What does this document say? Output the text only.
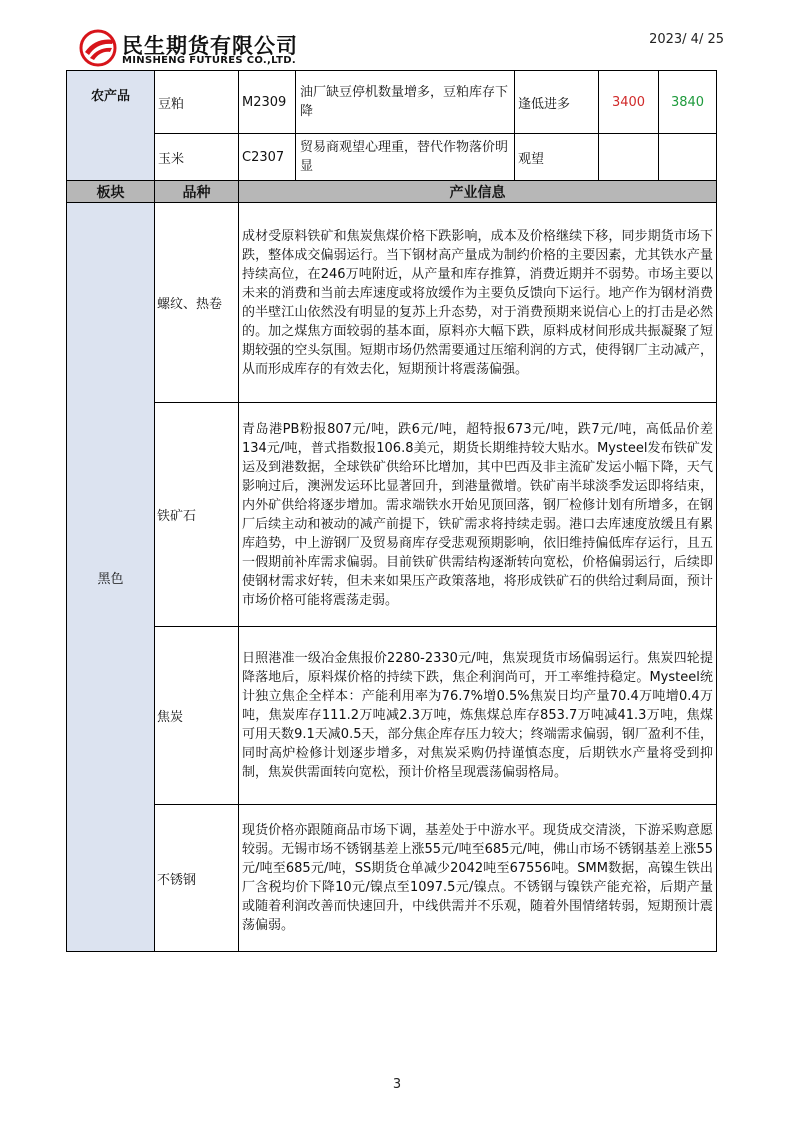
民生期货有限公司
MINSHENG FUTURES CO.,LTD.
2023/ 4/ 25
农产品	豆粕	M2309	油厂缺豆停机数量增多，豆粕库存下降	逢低进多	3400	3840
	玉米	C2307	贸易商观望心理重，替代作物落价明显	观望		
板块	品种	产业信息				
黑色	螺纹、热卷	成材受原料铁矿和焦炭焦煤价格下跌影响，成本及价格继续下移，同步期货市场下跌，整体成交偏弱运行。当下钢材高产量成为制约价格的主要因素，尤其铁水产量持续高位，在246万吨附近，从产量和库存推算，消费近期并不弱势。市场主要以未来的消费和当前去库速度或将放缓作为主要负反馈向下运行。地产作为钢材消费的半壁江山依然没有明显的复苏上升态势，对于消费预期来说信心上的打击是必然的。加之煤焦方面较弱的基本面，原料亦大幅下跌，原料成材间形成共振凝聚了短期较强的空头氛围。短期市场仍然需要通过压缩利润的方式，使得钢厂主动减产，从而形成库存的有效去化，短期预计将震荡偏强。				
	铁矿石	青岛港PB粉报807元/吨，跌6元/吨，超特报673元/吨，跌7元/吨，高低品价差134元/吨，普式指数报106.8美元，期货长期维持较大贴水。Mysteel发布铁矿发运及到港数据，全球铁矿供给环比增加，其中巴西及非主流矿发运小幅下降，天气影响过后，澳洲发运环比显著回升，到港量微增。铁矿南半球淡季发运即将结束，内外矿供给将逐步增加。需求端铁水开始见顶回落，钢厂检修计划有所增多，在钢厂后续主动和被动的减产前提下，铁矿需求将持续走弱。港口去库速度放缓且有累库趋势，中上游钢厂及贸易商库存受悲观预期影响，依旧维持偏低库存运行，且五一假期前补库需求偏弱。目前铁矿供需结构逐渐转向宽松，价格偏弱运行，后续即使钢材需求好转，但未来如果压产政策落地，将形成铁矿石的供给过剩局面，预计市场价格可能将震荡走弱。				
	焦炭	日照港准一级冶金焦报价2280-2330元/吨，焦炭现货市场偏弱运行。焦炭四轮提降落地后，原料煤价格的持续下跌，焦企利润尚可，开工率维持稳定。Mysteel统计独立焦企全样本：产能利用率为76.7%增0.5%焦炭日均产量70.4万吨增0.4万吨，焦炭库存111.2万吨减2.3万吨，炼焦煤总库存853.7万吨减41.3万吨，焦煤可用天数9.1天减0.5天，部分焦企库存压力较大；终端需求偏弱，钢厂盈利不佳，同时高炉检修计划逐步增多，对焦炭采购仍持谨慎态度，后期铁水产量将受到抑制，焦炭供需面转向宽松，预计价格呈现震荡偏弱格局。				
	不锈钢	现货价格亦跟随商品市场下调，基差处于中游水平。现货成交清淡，下游采购意愿较弱。无锡市场不锈钢基差上涨55元/吨至685元/吨，佛山市场不锈钢基差上涨55元/吨至685元/吨，SS期货仓单减少2042吨至67556吨。SMM数据，高镍生铁出厂含税均价下降10元/镍点至1097.5元/镍点。不锈钢与镍铁产能充裕，后期产量或随着利润改善而快速回升，中线供需并不乐观，随着外围情绪转弱，短期预计震荡偏弱。				
3
